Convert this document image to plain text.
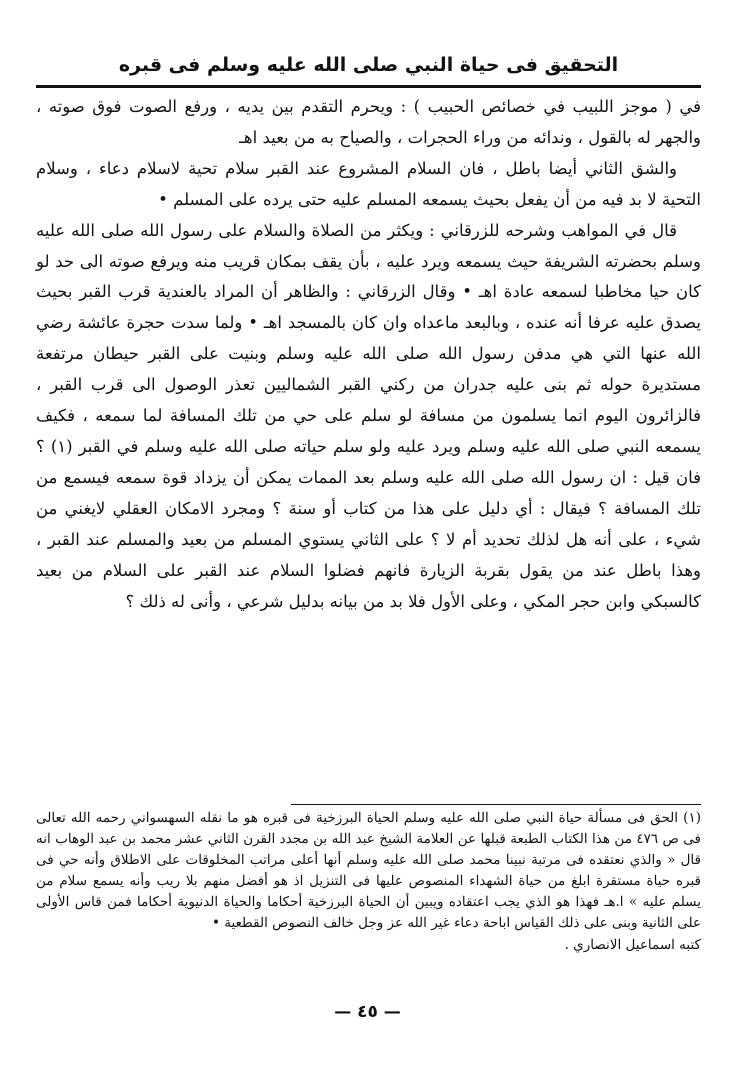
التحقيق فى حياة النبي صلى الله عليه وسلم فى قبره

في ( موجز اللبيب في خصائص الحبيب ) : ويحرم التقدم بين يديه ، ورفع الصوت فوق صوته ، والجهر له بالقول ، وندائه من وراء الحجرات ، والصياح به من بعيد اهـ

والشق الثاني أيضا باطل ، فان السلام المشروع عند القبر سلام تحية لاسلام دعاء ، وسلام التحية لا بد فيه من أن يفعل بحيث يسمعه المسلم عليه حتى يرده على المسلم •

قال في المواهب وشرحه للزرقاني : ويكثر من الصلاة والسلام على رسول الله صلى الله عليه وسلم بحضرته الشريفة حيث يسمعه ويرد عليه ، بأن يقف بمكان قريب منه ويرفع صوته الى حد لو كان حيا مخاطبا لسمعه عادة اهـ • وقال الزرقاني : والظاهر أن المراد بالعندية قرب القبر بحيث يصدق عليه عرفا أنه عنده ، وبالبعد ماعداه وان كان بالمسجد اهـ • ولما سدت حجرة عائشة رضي الله عنها التي هي مدفن رسول الله صلى الله عليه وسلم وبنيت على القبر حيطان مرتفعة مستديرة حوله ثم بنى عليه جدران من ركني القبر الشماليين تعذر الوصول الى قرب القبر ، فالزائرون اليوم انما يسلمون من مسافة لو سلم على حي من تلك المسافة لما سمعه ، فكيف يسمعه النبي صلى الله عليه وسلم ويرد عليه ولو سلم حياته صلى الله عليه وسلم في القبر (١) ؟ فان قيل : ان رسول الله صلى الله عليه وسلم بعد الممات يمكن أن يزداد قوة سمعه فيسمع من تلك المسافة ؟ فيقال : أي دليل على هذا من كتاب أو سنة ؟ ومجرد الامكان العقلي لايغني من شيء ، على أنه هل لذلك تحديد أم لا ؟ على الثاني يستوي المسلم من بعيد والمسلم عند القبر ، وهذا باطل عند من يقول بقربة الزيارة فانهم فضلوا السلام عند القبر على السلام من بعيد كالسبكي وابن حجر المكي ، وعلى الأول فلا بد من بيانه بدليل شرعي ، وأنى له ذلك ؟

(١) الحق فى مسألة حياة النبي صلى الله عليه وسلم الحياة البرزخية فى قبره هو ما نقله السهسواني رحمه الله تعالى فى ص ٤٧٦ من هذا الكتاب الطبعة قبلها عن العلامة الشيخ عبد الله بن مجدد القرن الثاني عشر محمد بن عبد الوهاب انه قال « والذي نعتقده فى مرتبة نبينا محمد صلى الله عليه وسلم أنها أعلى مراتب المخلوقات على الاطلاق وأنه حي فى قبره حياة مستقرة ابلغ من حياة الشهداء المنصوص عليها فى التنزيل اذ هو أفضل منهم بلا ريب وأنه يسمع سلام من يسلم عليه » ا.هـ فهذا هو الذي يجب اعتقاده ويبين أن الحياة البرزخية أحكاما والحياة الدنيوية أحكاما فمن قاس الأولى على الثانية وبنى على ذلك القياس اباحة دعاء غير الله عز وجل خالف النصوص القطعية •

كتبه اسماعيل الانصاري .

— ٤٥ —
